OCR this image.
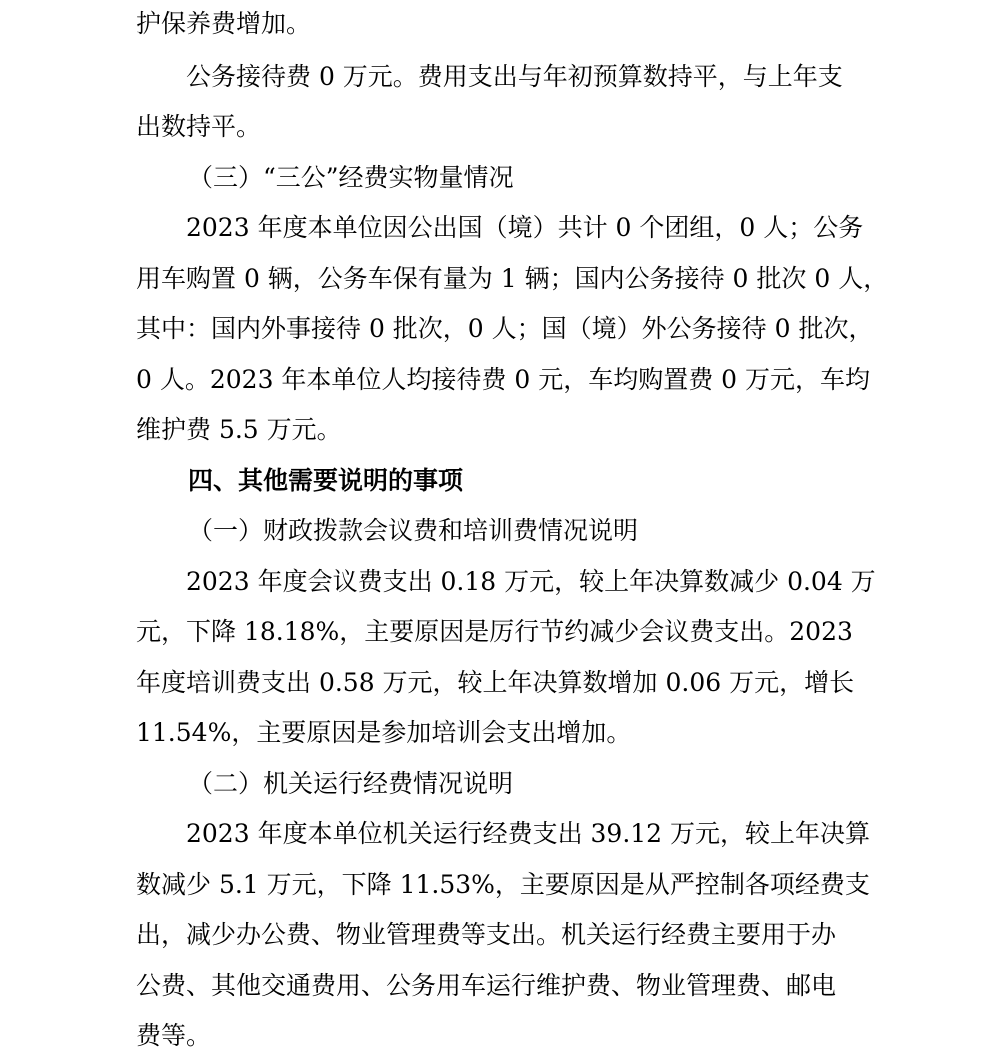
护保养费增加。
公务接待费 0 万元。费用支出与年初预算数持平，与上年支
出数持平。
（三）“三公”经费实物量情况
2023 年度本单位因公出国（境）共计 0 个团组，0 人；公务
用车购置 0 辆，公务车保有量为 1 辆；国内公务接待 0 批次 0 人，
其中：国内外事接待 0 批次，0 人；国（境）外公务接待 0 批次，
0 人。2023 年本单位人均接待费 0 元，车均购置费 0 万元，车均
维护费 5.5 万元。
四、其他需要说明的事项
（一）财政拨款会议费和培训费情况说明
2023 年度会议费支出 0.18 万元，较上年决算数减少 0.04 万
元，下降 18.18%，主要原因是厉行节约减少会议费支出。2023
年度培训费支出 0.58 万元，较上年决算数增加 0.06 万元，增长
11.54%，主要原因是参加培训会支出增加。
（二）机关运行经费情况说明
2023 年度本单位机关运行经费支出 39.12 万元，较上年决算
数减少 5.1 万元，下降 11.53%，主要原因是从严控制各项经费支
出，减少办公费、物业管理费等支出。机关运行经费主要用于办
公费、其他交通费用、公务用车运行维护费、物业管理费、邮电
费等。
